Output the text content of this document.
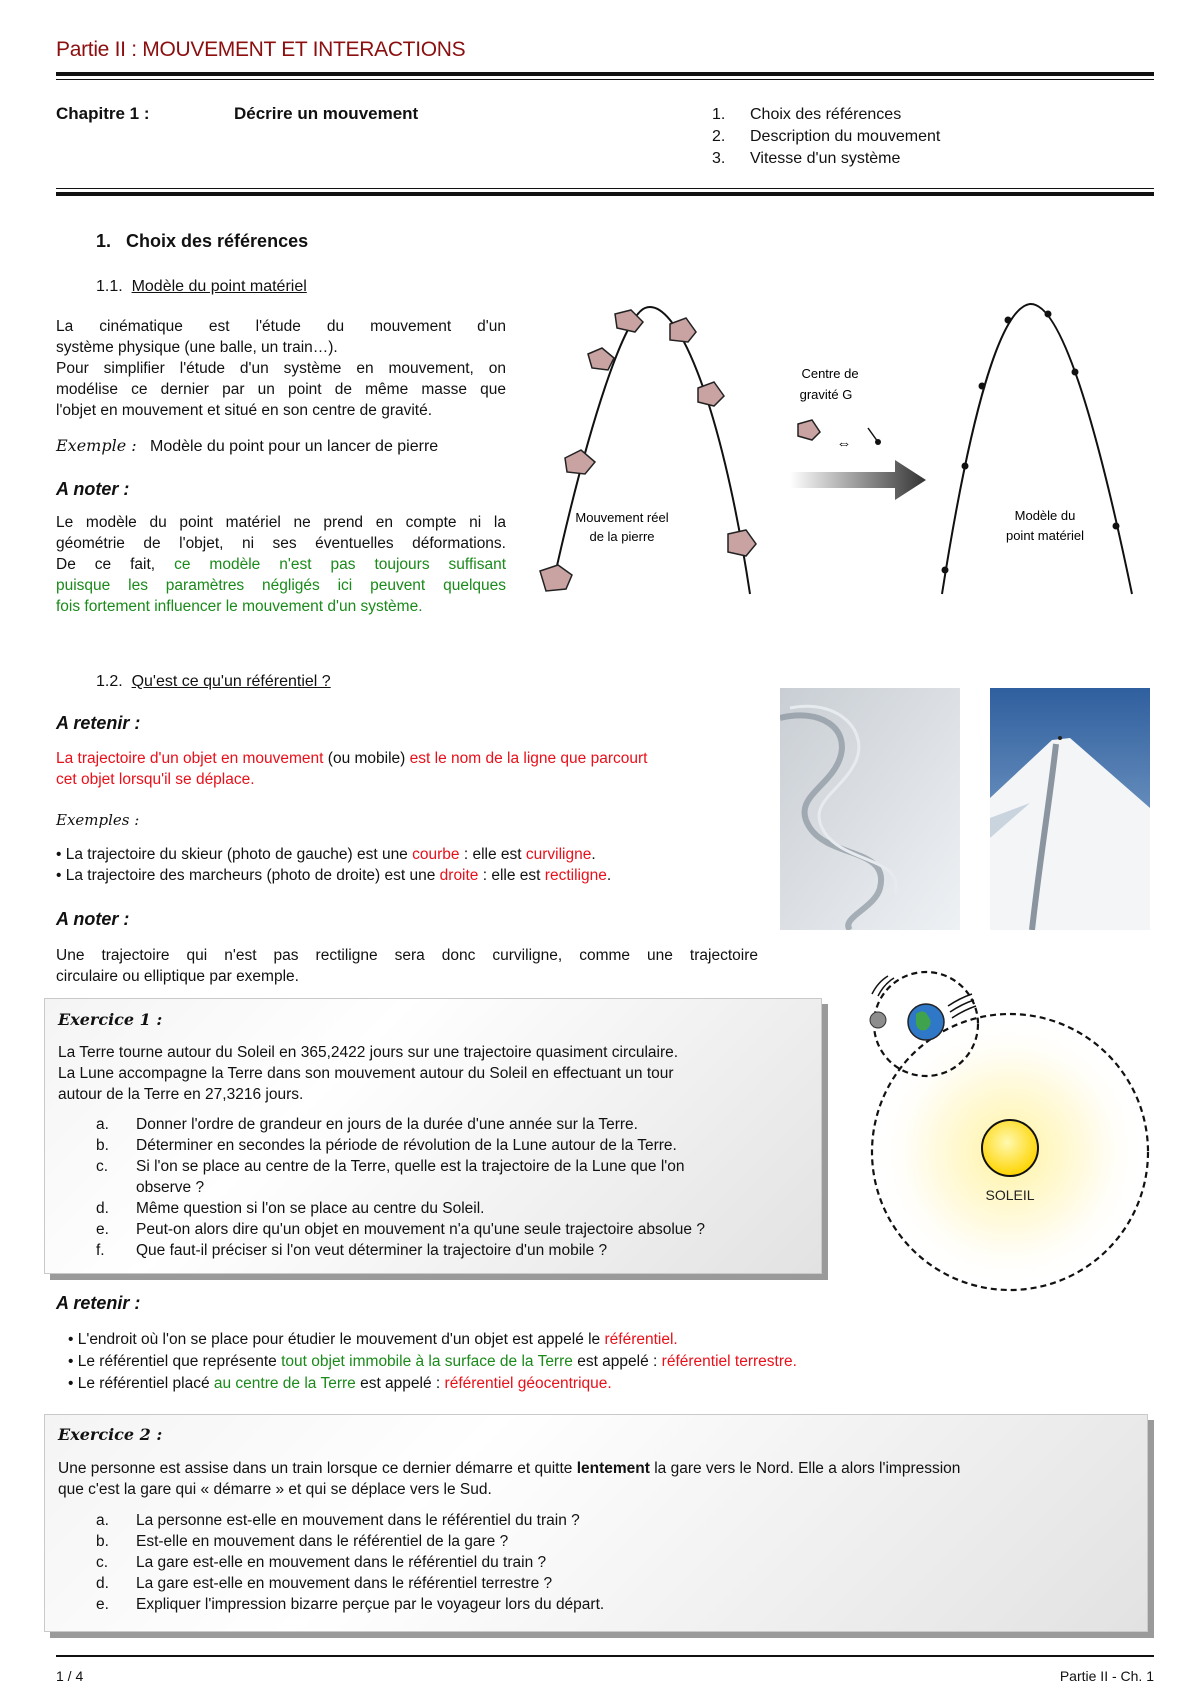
Partie II : MOUVEMENT ET INTERACTIONS
Chapitre 1 :	Décrire un mouvement	1. Choix des références
2. Description du mouvement
3. Vitesse d'un système
1.   Choix des références
1.1. Modèle du point matériel
La cinématique est l'étude du mouvement d'un
système physique (une balle, un train…).
Pour simplifier l'étude d'un système en mouvement, on
modélise ce dernier par un point de même masse que
l'objet en mouvement et situé en son centre de gravité.
Exemple : Modèle du point pour un lancer de pierre
A noter :
Le modèle du point matériel ne prend en compte ni la
géométrie de l'objet, ni ses éventuelles déformations.
De ce fait, ce modèle n'est pas toujours suffisant
puisque les paramètres négligés ici peuvent quelques
fois fortement influencer le mouvement d'un système.
Mouvement réel
de la pierre
Centre de
gravité G
⇔
Modèle du
point matériel
1.2. Qu'est ce qu'un référentiel ?
A retenir :
La trajectoire d'un objet en mouvement (ou mobile) est le nom de la ligne que parcourt
cet objet lorsqu'il se déplace.
Exemples :
• La trajectoire du skieur (photo de gauche) est une courbe : elle est curviligne.
• La trajectoire des marcheurs (photo de droite) est une droite : elle est rectiligne.
A noter :
Une trajectoire qui n'est pas rectiligne sera donc curviligne, comme une trajectoire
circulaire ou elliptique par exemple.
Exercice 1 :
La Terre tourne autour du Soleil en 365,2422 jours sur une trajectoire quasiment circulaire.
La Lune accompagne la Terre dans son mouvement autour du Soleil en effectuant un tour
autour de la Terre en 27,3216 jours.
a. Donner l'ordre de grandeur en jours de la durée d'une année sur la Terre.
b. Déterminer en secondes la période de révolution de la Lune autour de la Terre.
c. Si l'on se place au centre de la Terre, quelle est la trajectoire de la Lune que l'on
observe ?
d. Même question si l'on se place au centre du Soleil.
e. Peut-on alors dire qu'un objet en mouvement n'a qu'une seule trajectoire absolue ?
f. Que faut-il préciser si l'on veut déterminer la trajectoire d'un mobile ?
SOLEIL
A retenir :
• L'endroit où l'on se place pour étudier le mouvement d'un objet est appelé le référentiel.
• Le référentiel que représente tout objet immobile à la surface de la Terre est appelé : référentiel terrestre.
• Le référentiel placé au centre de la Terre est appelé : référentiel géocentrique.
Exercice 2 :
Une personne est assise dans un train lorsque ce dernier démarre et quitte lentement la gare vers le Nord. Elle a alors l'impression
que c'est la gare qui « démarre » et qui se déplace vers le Sud.
a. La personne est-elle en mouvement dans le référentiel du train ?
b. Est-elle en mouvement dans le référentiel de la gare ?
c. La gare est-elle en mouvement dans le référentiel du train ?
d. La gare est-elle en mouvement dans le référentiel terrestre ?
e. Expliquer l'impression bizarre perçue par le voyageur lors du départ.
1 / 4	Partie II - Ch. 1
